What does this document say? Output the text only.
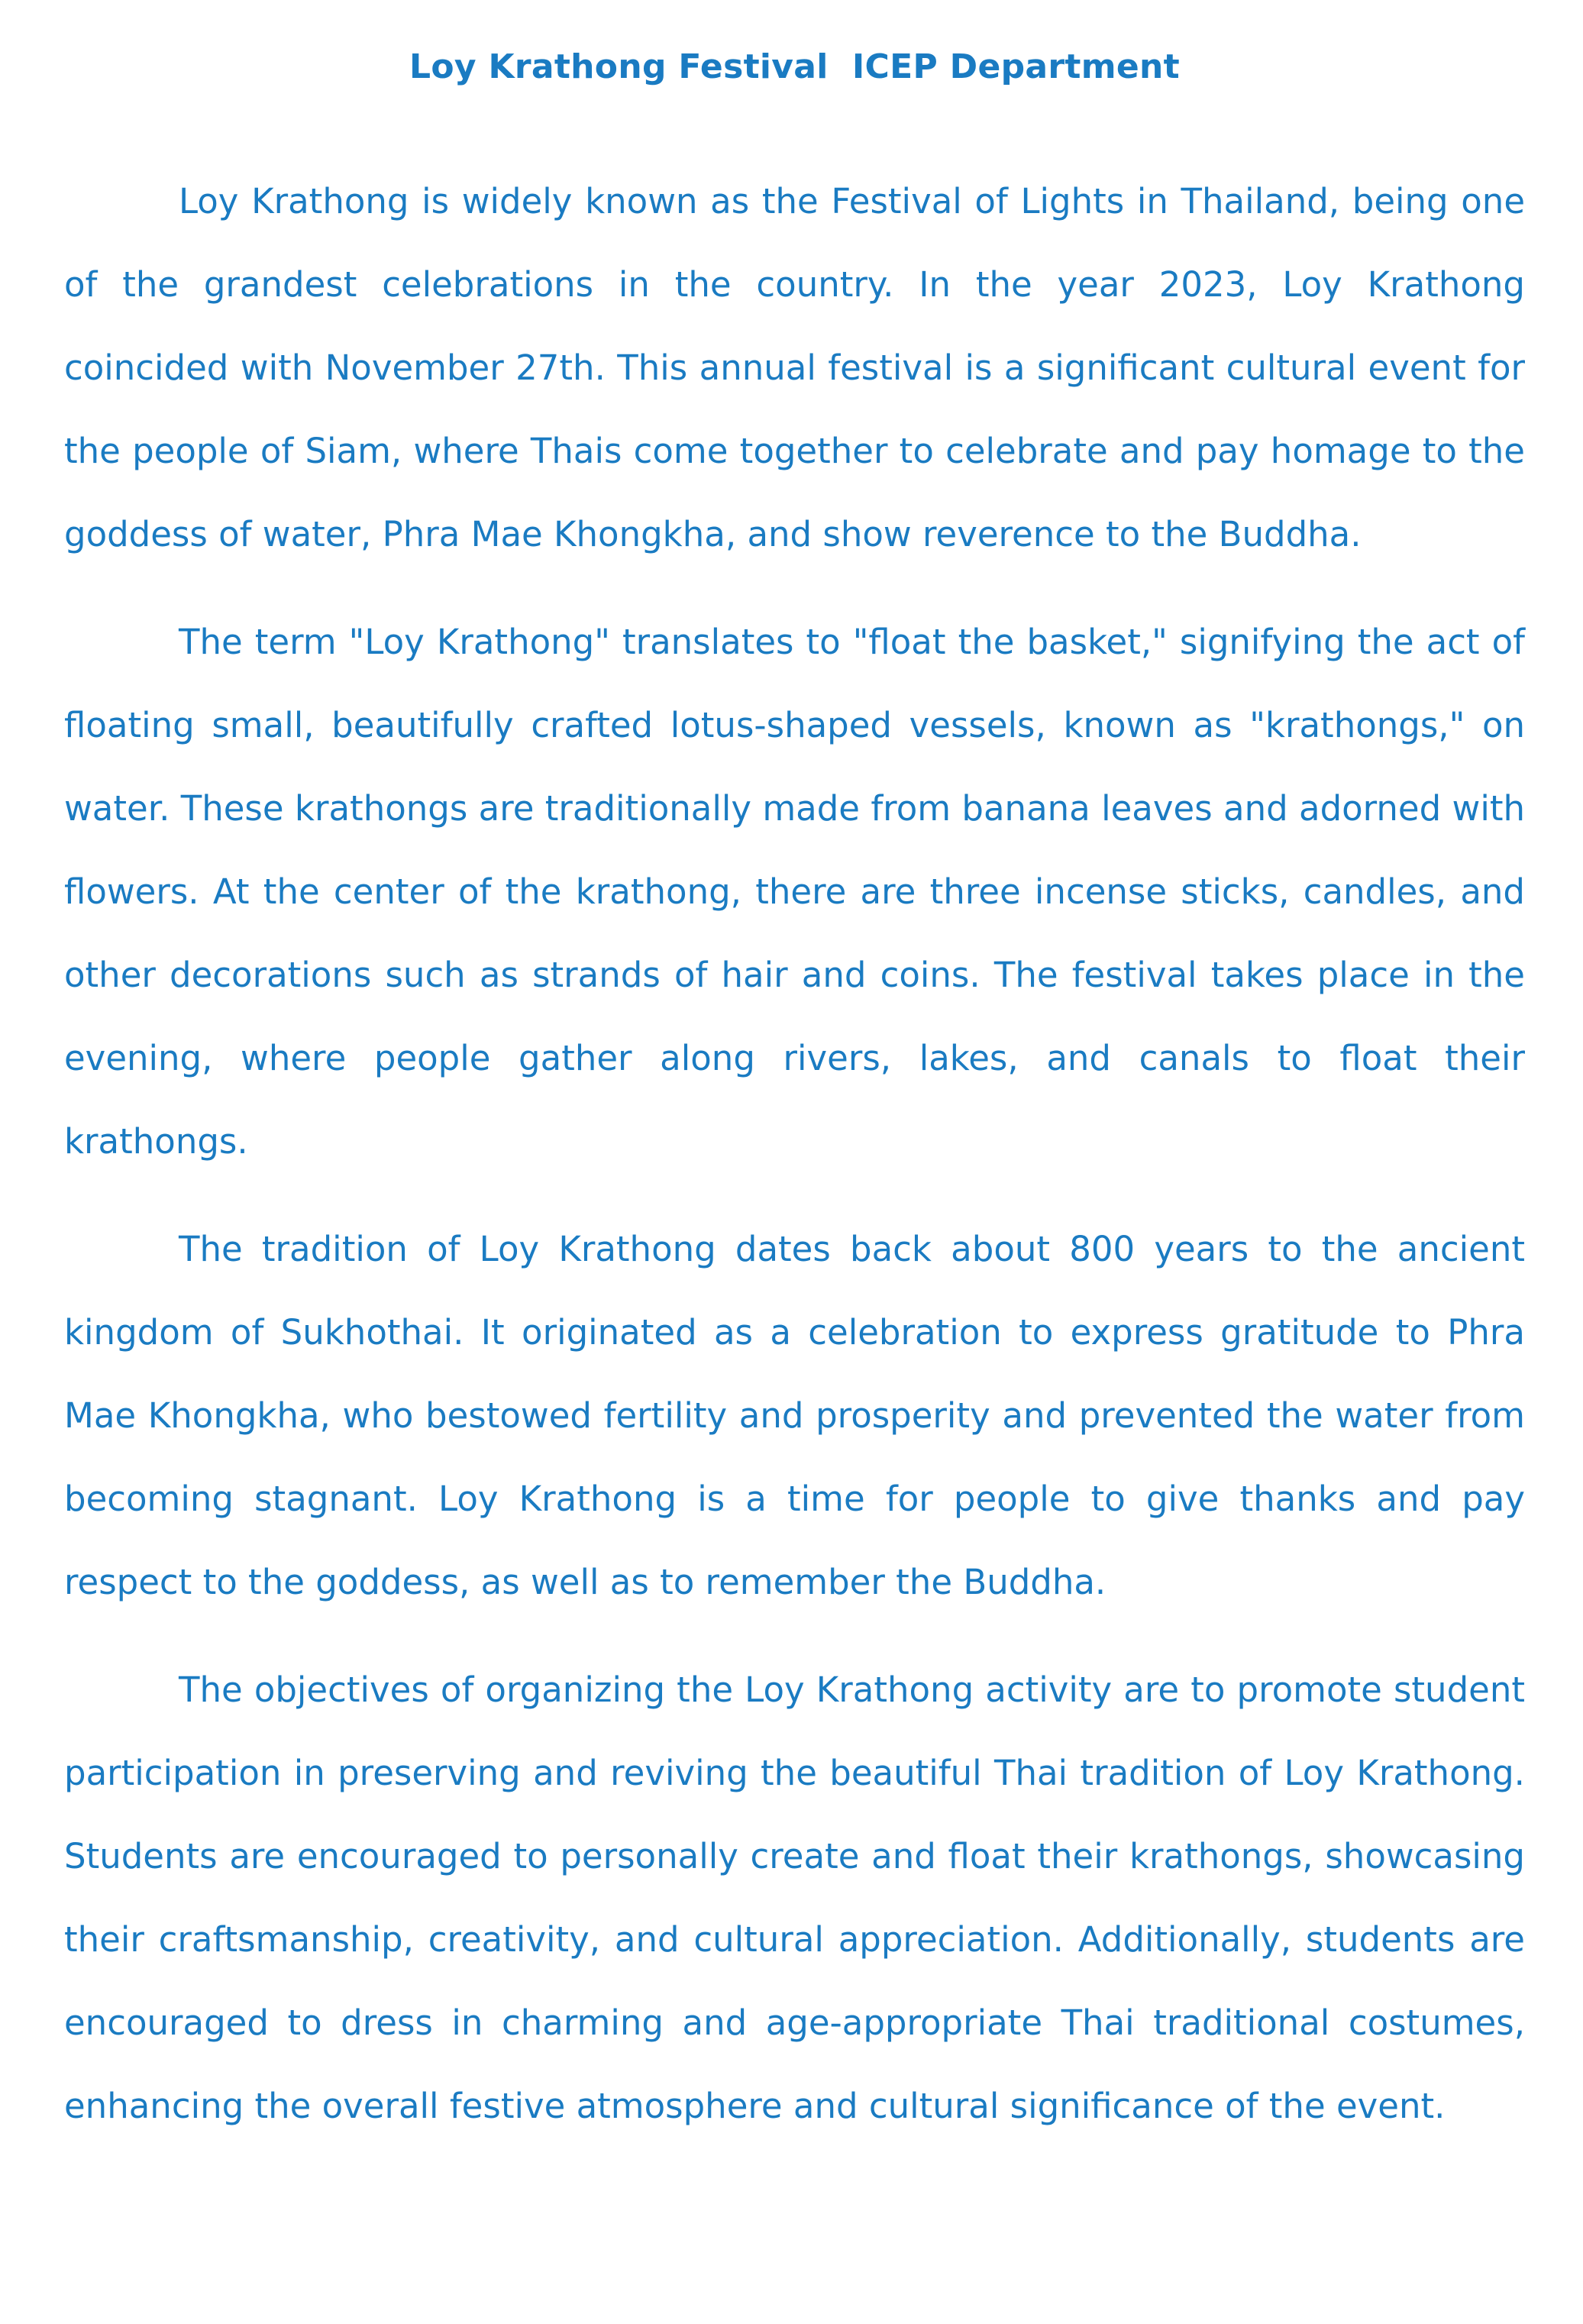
Loy Krathong Festival  ICEP Department

Loy Krathong is widely known as the Festival of Lights in Thailand, being one of the grandest celebrations in the country. In the year 2023, Loy Krathong coincided with November 27th. This annual festival is a significant cultural event for the people of Siam, where Thais come together to celebrate and pay homage to the goddess of water, Phra Mae Khongkha, and show reverence to the Buddha.

The term "Loy Krathong" translates to "float the basket," signifying the act of floating small, beautifully crafted lotus-shaped vessels, known as "krathongs," on water. These krathongs are traditionally made from banana leaves and adorned with flowers. At the center of the krathong, there are three incense sticks, candles, and other decorations such as strands of hair and coins. The festival takes place in the evening, where people gather along rivers, lakes, and canals to float their krathongs.

The tradition of Loy Krathong dates back about 800 years to the ancient kingdom of Sukhothai. It originated as a celebration to express gratitude to Phra Mae Khongkha, who bestowed fertility and prosperity and prevented the water from becoming stagnant. Loy Krathong is a time for people to give thanks and pay respect to the goddess, as well as to remember the Buddha.

The objectives of organizing the Loy Krathong activity are to promote student participation in preserving and reviving the beautiful Thai tradition of Loy Krathong. Students are encouraged to personally create and float their krathongs, showcasing their craftsmanship, creativity, and cultural appreciation. Additionally, students are encouraged to dress in charming and age-appropriate Thai traditional costumes, enhancing the overall festive atmosphere and cultural significance of the event.
